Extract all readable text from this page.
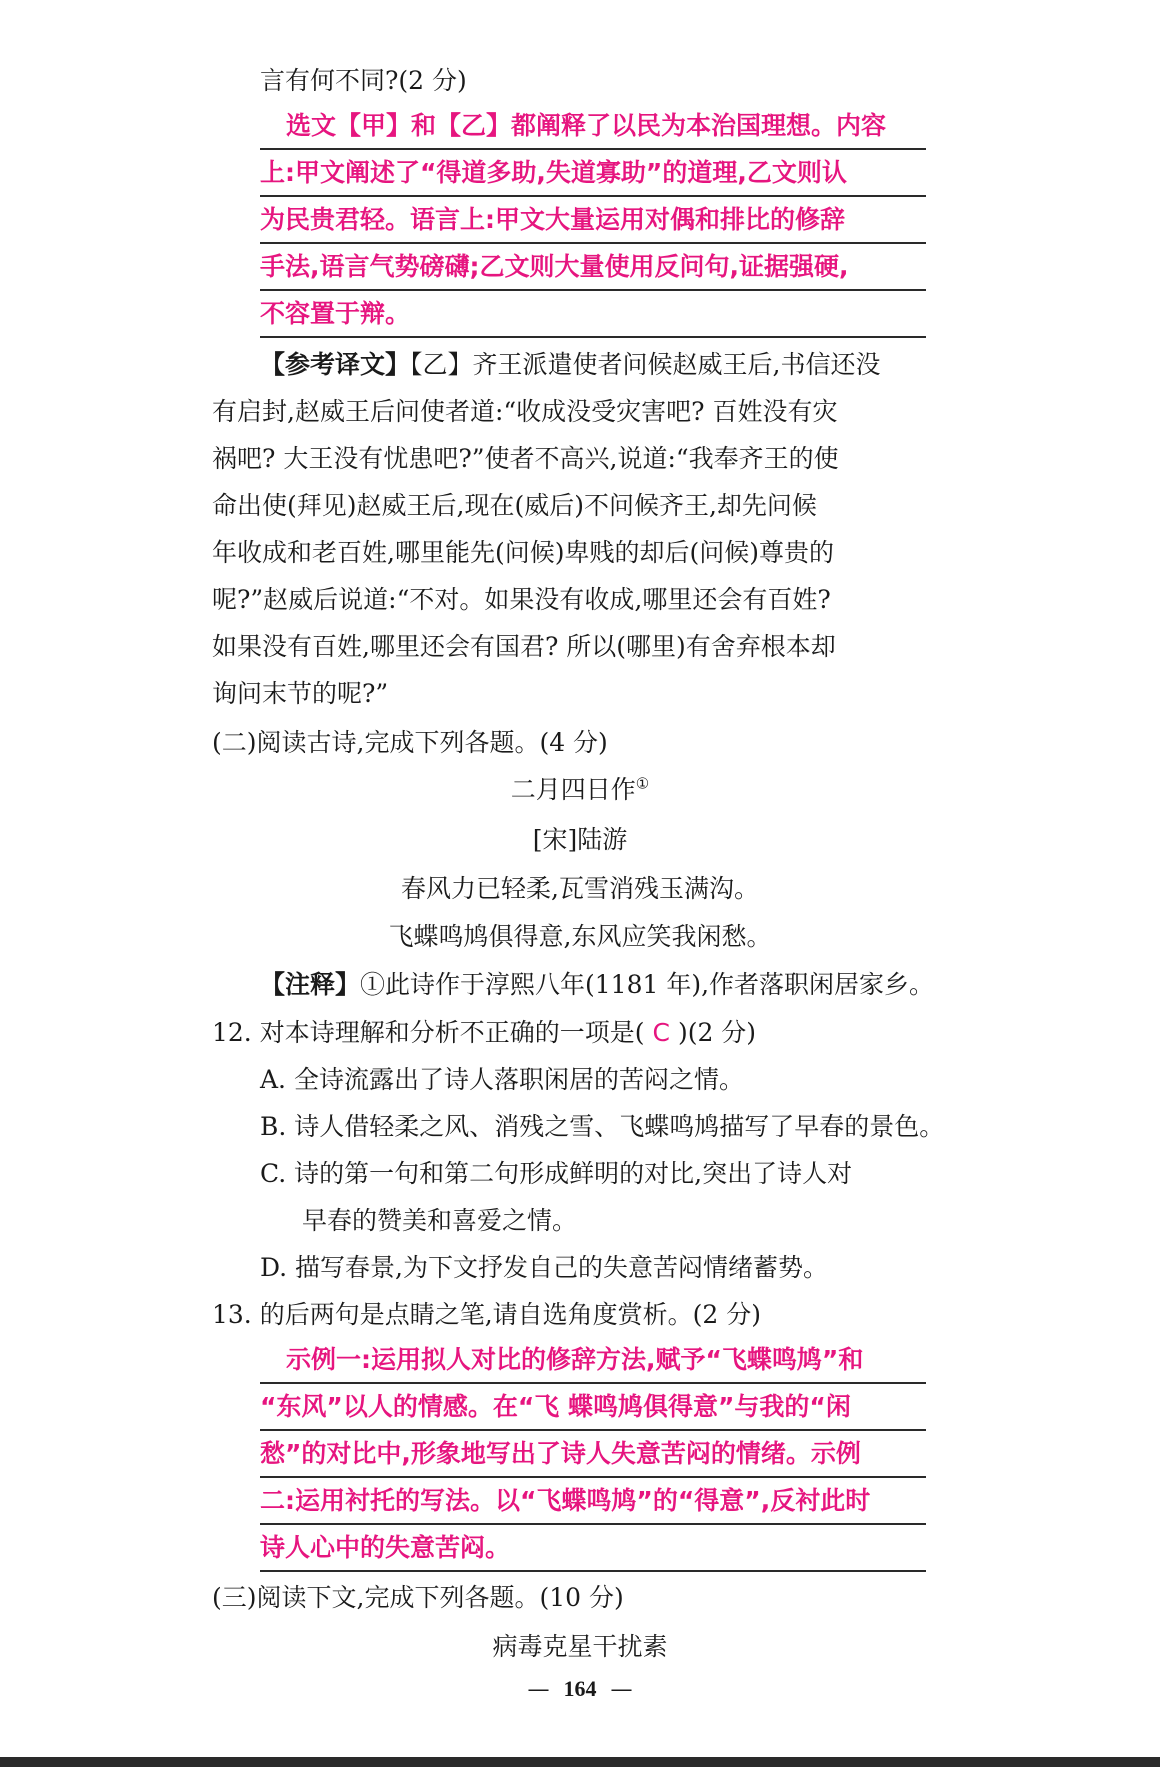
言有何不同?(2 分)
选文【甲】和【乙】都阐释了以民为本治国理想。内容
上:甲文阐述了“得道多助,失道寡助”的道理,乙文则认
为民贵君轻。语言上:甲文大量运用对偶和排比的修辞
手法,语言气势磅礴;乙文则大量使用反问句,证据强硬,
不容置于辩。
【参考译文】【乙】齐王派遣使者问候赵威王后,书信还没
有启封,赵威王后问使者道:“收成没受灾害吧? 百姓没有灾
祸吧? 大王没有忧患吧?”使者不高兴,说道:“我奉齐王的使
命出使(拜见)赵威王后,现在(威后)不问候齐王,却先问候
年收成和老百姓,哪里能先(问候)卑贱的却后(问候)尊贵的
呢?”赵威后说道:“不对。如果没有收成,哪里还会有百姓?
如果没有百姓,哪里还会有国君? 所以(哪里)有舍弃根本却
询问末节的呢?”
(二)阅读古诗,完成下列各题。(4 分)
二月四日作①
[宋]陆游
春风力已轻柔,瓦雪消残玉满沟。
飞蝶鸣鸠俱得意,东风应笑我闲愁。
【注释】①此诗作于淳熙八年(1181 年),作者落职闲居家乡。
12. 对本诗理解和分析不正确的一项是( C )(2 分)
A. 全诗流露出了诗人落职闲居的苦闷之情。
B. 诗人借轻柔之风、消残之雪、飞蝶鸣鸠描写了早春的景色。
C. 诗的第一句和第二句形成鲜明的对比,突出了诗人对
早春的赞美和喜爱之情。
D. 描写春景,为下文抒发自己的失意苦闷情绪蓄势。
13. 的后两句是点睛之笔,请自选角度赏析。(2 分)
示例一:运用拟人对比的修辞方法,赋予“飞蝶鸣鸠”和
“东风”以人的情感。在“飞 蝶鸣鸠俱得意”与我的“闲
愁”的对比中,形象地写出了诗人失意苦闷的情绪。示例
二:运用衬托的写法。以“飞蝶鸣鸠”的“得意”,反衬此时
诗人心中的失意苦闷。
(三)阅读下文,完成下列各题。(10 分)
病毒克星干扰素
— 164 —
